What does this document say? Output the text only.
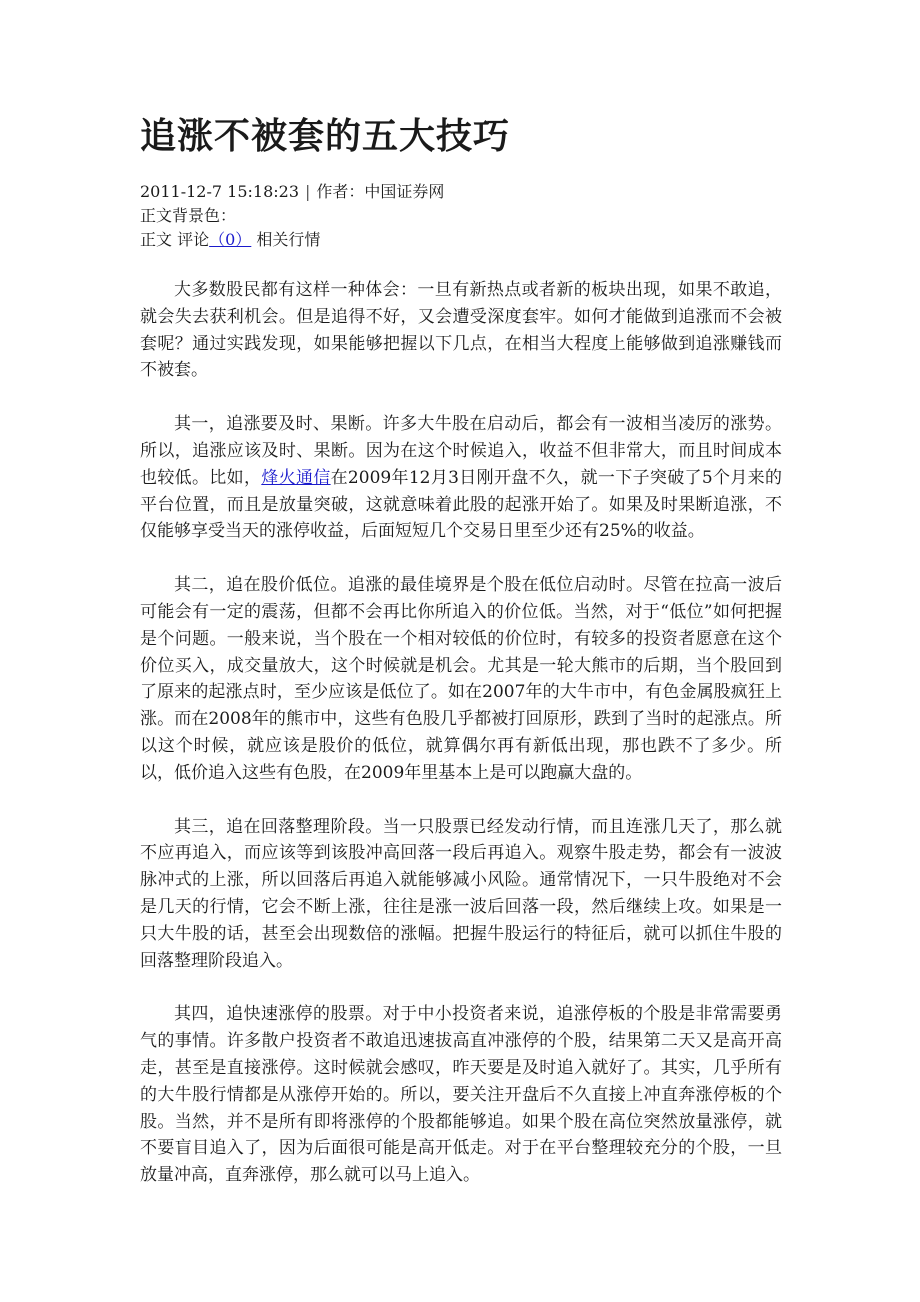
追涨不被套的五大技巧
2011-12-7 15:18:23 | 作者：中国证券网
正文背景色：
正文 评论（0） 相关行情

大多数股民都有这样一种体会：一旦有新热点或者新的板块出现，如果不敢追，就会失去获利机会。但是追得不好，又会遭受深度套牢。如何才能做到追涨而不会被套呢？通过实践发现，如果能够把握以下几点，在相当大程度上能够做到追涨赚钱而不被套。

其一，追涨要及时、果断。许多大牛股在启动后，都会有一波相当凌厉的涨势。所以，追涨应该及时、果断。因为在这个时候追入，收益不但非常大，而且时间成本也较低。比如，烽火通信在2009年12月3日刚开盘不久，就一下子突破了5个月来的平台位置，而且是放量突破，这就意味着此股的起涨开始了。如果及时果断追涨，不仅能够享受当天的涨停收益，后面短短几个交易日里至少还有25%的收益。

其二，追在股价低位。追涨的最佳境界是个股在低位启动时。尽管在拉高一波后可能会有一定的震荡，但都不会再比你所追入的价位低。当然，对于“低位”如何把握是个问题。一般来说，当个股在一个相对较低的价位时，有较多的投资者愿意在这个价位买入，成交量放大，这个时候就是机会。尤其是一轮大熊市的后期，当个股回到了原来的起涨点时，至少应该是低位了。如在2007年的大牛市中，有色金属股疯狂上涨。而在2008年的熊市中，这些有色股几乎都被打回原形，跌到了当时的起涨点。所以这个时候，就应该是股价的低位，就算偶尔再有新低出现，那也跌不了多少。所以，低价追入这些有色股，在2009年里基本上是可以跑赢大盘的。

其三，追在回落整理阶段。当一只股票已经发动行情，而且连涨几天了，那么就不应再追入，而应该等到该股冲高回落一段后再追入。观察牛股走势，都会有一波波脉冲式的上涨，所以回落后再追入就能够减小风险。通常情况下，一只牛股绝对不会是几天的行情，它会不断上涨，往往是涨一波后回落一段，然后继续上攻。如果是一只大牛股的话，甚至会出现数倍的涨幅。把握牛股运行的特征后，就可以抓住牛股的回落整理阶段追入。

其四，追快速涨停的股票。对于中小投资者来说，追涨停板的个股是非常需要勇气的事情。许多散户投资者不敢追迅速拔高直冲涨停的个股，结果第二天又是高开高走，甚至是直接涨停。这时候就会感叹，昨天要是及时追入就好了。其实，几乎所有的大牛股行情都是从涨停开始的。所以，要关注开盘后不久直接上冲直奔涨停板的个股。当然，并不是所有即将涨停的个股都能够追。如果个股在高位突然放量涨停，就不要盲目追入了，因为后面很可能是高开低走。对于在平台整理较充分的个股，一旦放量冲高，直奔涨停，那么就可以马上追入。
